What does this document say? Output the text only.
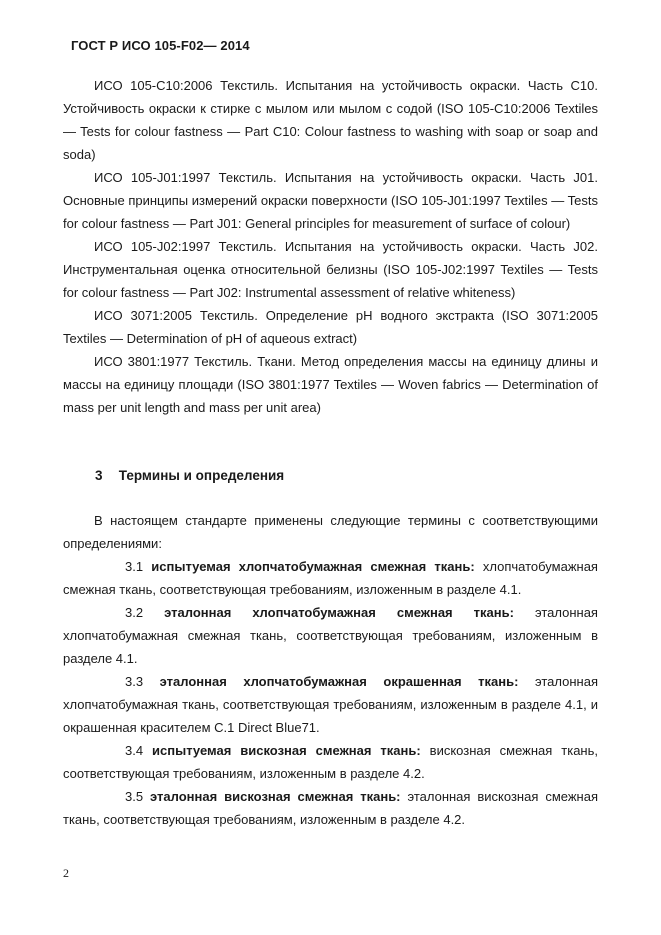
ГОСТ Р ИСО 105-F02— 2014

ИСО 105-C10:2006 Текстиль. Испытания на устойчивость окраски. Часть C10. Устойчивость окраски к стирке с мылом или мылом с содой (ISO 105-C10:2006 Textiles — Tests for colour fastness — Part C10: Colour fastness to washing with soap or soap and soda)

ИСО 105-J01:1997 Текстиль. Испытания на устойчивость окраски. Часть J01. Основные принципы измерений окраски поверхности (ISO 105-J01:1997 Textiles — Tests for colour fastness — Part J01: General principles for measurement of surface of colour)

ИСО 105-J02:1997 Текстиль. Испытания на устойчивость окраски. Часть J02. Инструментальная оценка относительной белизны (ISO 105-J02:1997 Textiles — Tests for colour fastness — Part J02: Instrumental assessment of relative whiteness)

ИСО 3071:2005 Текстиль. Определение pH водного экстракта (ISO 3071:2005 Textiles — Determination of pH of aqueous extract)

ИСО 3801:1977 Текстиль. Ткани. Метод определения массы на единицу длины и массы на единицу площади (ISO 3801:1977 Textiles — Woven fabrics — Determination of mass per unit length and mass per unit area)

3 Термины и определения

В настоящем стандарте применены следующие термины с соответствующими определениями:

3.1 испытуемая хлопчатобумажная смежная ткань: хлопчатобумажная смежная ткань, соответствующая требованиям, изложенным в разделе 4.1.

3.2 эталонная хлопчатобумажная смежная ткань: эталонная хлопчатобумажная смежная ткань, соответствующая требованиям, изложенным в разделе 4.1.

3.3 эталонная хлопчатобумажная окрашенная ткань: эталонная хлопчатобумажная ткань, соответствующая требованиям, изложенным в разделе 4.1, и окрашенная красителем C.1 Direct Blue71.

3.4 испытуемая вискозная смежная ткань: вискозная смежная ткань, соответствующая требованиям, изложенным в разделе 4.2.

3.5 эталонная вискозная смежная ткань: эталонная вискозная смежная ткань, соответствующая требованиям, изложенным в разделе 4.2.

2
